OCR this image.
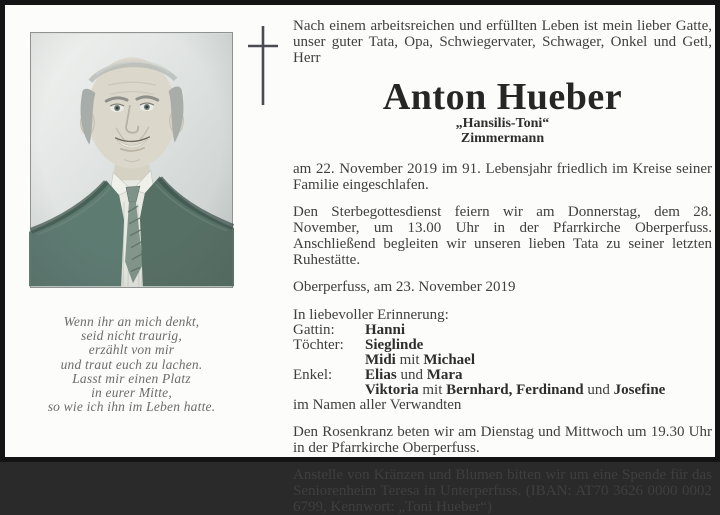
Wenn ihr an mich denkt,
seid nicht traurig,
erzählt von mir
und traut euch zu lachen.
Lasst mir einen Platz
in eurer Mitte,
so wie ich ihn im Leben hatte.

Nach einem arbeitsreichen und erfüllten Leben ist mein lieber Gatte, unser guter Tata, Opa, Schwiegervater, Schwager, Onkel und Getl, Herr

Anton Hueber
„Hansilis-Toni“
Zimmermann

am 22. November 2019 im 91. Lebensjahr friedlich im Kreise seiner Familie eingeschlafen.

Den Sterbegottesdienst feiern wir am Donnerstag, dem 28. November, um 13.00 Uhr in der Pfarrkirche Oberperfuss. Anschließend begleiten wir unseren lieben Tata zu seiner letzten Ruhestätte.

Oberperfuss, am 23. November 2019

In liebevoller Erinnerung:

Gattin:	Hanni
Töchter:	Sieglinde
Midi mit Michael
Enkel:	Elias und Mara
Viktoria mit Bernhard, Ferdinand und Josefine

im Namen aller Verwandten

Den Rosenkranz beten wir am Dienstag und Mittwoch um 19.30 Uhr in der Pfarrkirche Oberperfuss.

Anstelle von Kränzen und Blumen bitten wir um eine Spende für das Seniorenheim Teresa in Unterperfuss. (IBAN: AT70 3626 0000 0002 6799, Kennwort: „Toni Hueber“)
